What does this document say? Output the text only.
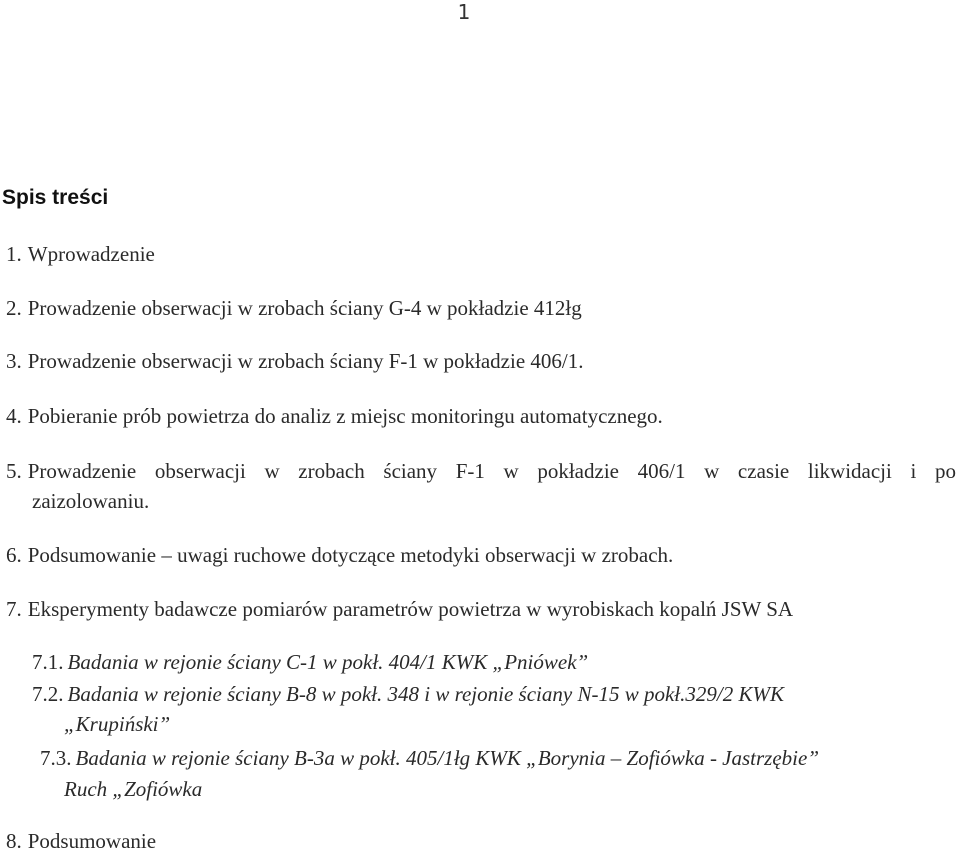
1
Spis treści
1. Wprowadzenie
2. Prowadzenie obserwacji w zrobach ściany G-4 w pokładzie 412łg
3. Prowadzenie obserwacji w zrobach ściany F-1 w pokładzie 406/1.
4. Pobieranie prób powietrza do analiz z miejsc monitoringu automatycznego.
5. Prowadzenie obserwacji w zrobach ściany F-1 w pokładzie 406/1 w czasie likwidacji i po
zaizolowaniu.
6. Podsumowanie – uwagi ruchowe dotyczące metodyki obserwacji w zrobach.
7. Eksperymenty badawcze pomiarów parametrów powietrza w wyrobiskach kopalń JSW SA
7.1. Badania w rejonie ściany C-1 w pokł. 404/1 KWK „Pniówek”
7.2. Badania w rejonie ściany B-8 w pokł. 348 i w rejonie ściany N-15 w pokł.329/2 KWK
„Krupiński”
7.3. Badania w rejonie ściany B-3a w pokł. 405/1łg KWK „Borynia – Zofiówka - Jastrzębie”
Ruch „Zofiówka
8. Podsumowanie
